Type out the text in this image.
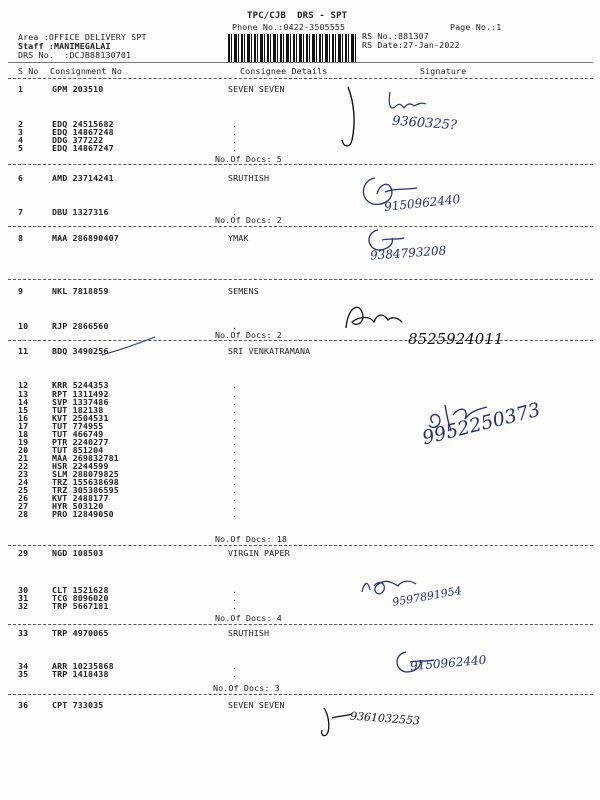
TPC/CJB  DRS - SPT
Phone No.:0422-3505555	Page No.:1
Area :OFFICE DELIVERY SPT
Staff :MANIMEGALAI
DRS No.  :DCJB88130701
RS No.:881307
RS Date:27-Jan-2022
S No Consignment No	Consignee Details	Signature
1	GPM 203510	SEVEN SEVEN
2	EDQ 24515682	.
3	EDQ 14867248	.
4	DDG 377222	.
5	EDQ 14867247	.
6	AMD 23714241	SRUTHISH
7	DBU 1327316	.
8	MAA 286890407	YMAK
9	NKL 7818859	SEMENS
10	RJP 2866560	.
11	BDQ 3490256	SRI VENKATRAMANA
12	KRR 5244353	.
13	RPT 1311492	.
14	SVP 1337486	.
15	TUT 182138	.
16	KVT 2504531	.
17	TUT 774955	.
18	TUT 466749	.
19	PTR 2240277	.
20	TUT 851204	.
21	MAA 269832781	.
22	HSR 2244599	.
23	SLM 288079825	.
24	TRZ 155638698	.
25	TRZ 305386595	.
26	KVT 2488177	.
27	HYR 503120	.
28	PRO 12849050	.
29	NGD 108503	VIRGIN PAPER
30	CLT 1521628	.
31	TCG 8096020	.
32	TRP 5667181	.
33	TRP 4970065	SRUTHISH
34	ARR 10235868	.
35	TRP 1418438	.
36	CPT 733035	SEVEN SEVEN
No.Of Docs: 5
No.Of Docs: 2
No.Of Docs: 2
No.Of Docs: 18
No.Of Docs: 4
No.Of Docs: 3
9360325?
9150962440
9384793208
8525924011
9952250373
9597891954
9150962440
9361032553
